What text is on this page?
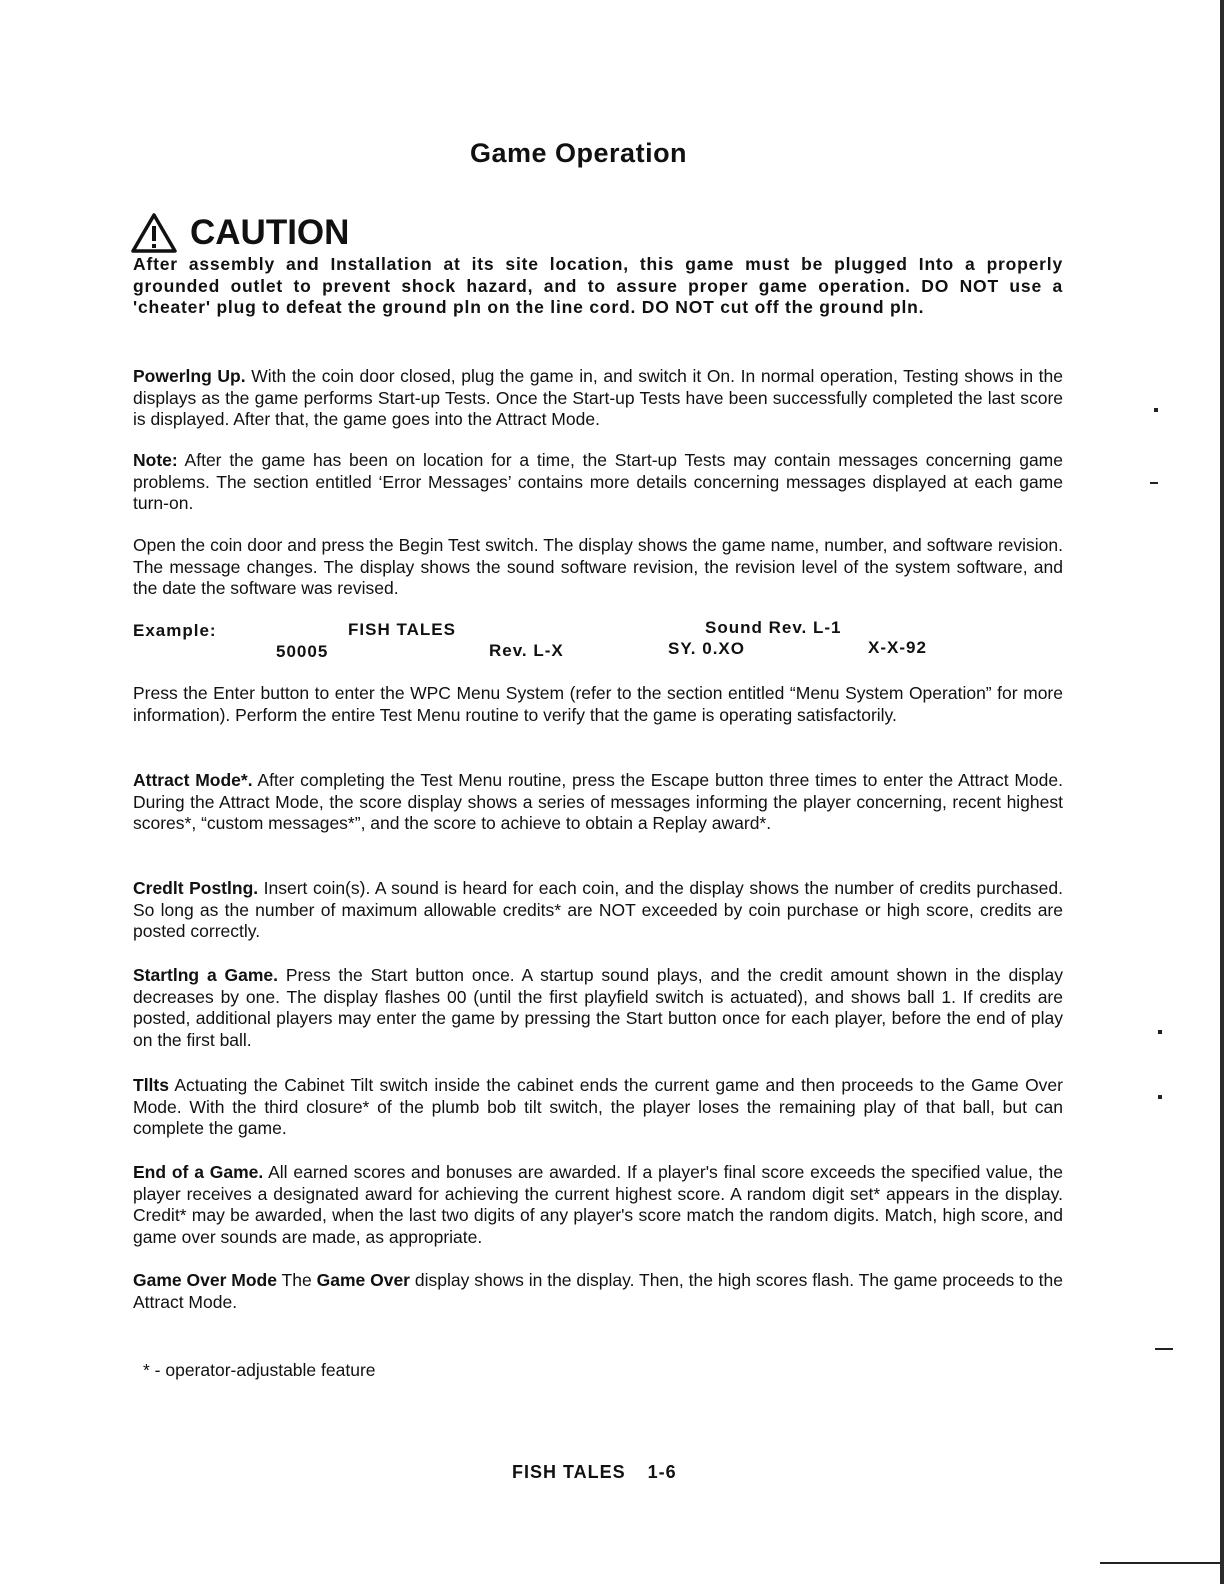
Game Operation
CAUTION
After assembly and Installation at its site location, this game must be plugged Into a properly grounded outlet to prevent shock hazard, and to assure proper game operation. DO NOT use a 'cheater' plug to defeat the ground pln on the line cord. DO NOT cut off the ground pln.
Powerlng Up. With the coin door closed, plug the game in, and switch it On. In normal operation, Testing shows in the displays as the game performs Start-up Tests. Once the Start-up Tests have been successfully completed the last score is displayed. After that, the game goes into the Attract Mode.
Note: After the game has been on location for a time, the Start-up Tests may contain messages concerning game problems. The section entitled ‘Error Messages’ contains more details concerning messages displayed at each game turn-on.
Open the coin door and press the Begin Test switch. The display shows the game name, number, and software revision. The message changes. The display shows the sound software revision, the revision level of the system software, and the date the software was revised.
Example:	FISH TALES	Sound Rev. L-1
50005	Rev. L-X	SY. 0.XO	X-X-92
Press the Enter button to enter the WPC Menu System (refer to the section entitled “Menu System Operation” for more information). Perform the entire Test Menu routine to verify that the game is operating satisfactorily.
Attract Mode*. After completing the Test Menu routine, press the Escape button three times to enter the Attract Mode. During the Attract Mode, the score display shows a series of messages informing the player concerning, recent highest scores*, “custom messages*”, and the score to achieve to obtain a Replay award*.
Credlt Postlng. Insert coin(s). A sound is heard for each coin, and the display shows the number of credits purchased. So long as the number of maximum allowable credits* are NOT exceeded by coin purchase or high score, credits are posted correctly.
Startlng a Game. Press the Start button once. A startup sound plays, and the credit amount shown in the display decreases by one. The display flashes 00 (until the first playfield switch is actuated), and shows ball 1. If credits are posted, additional players may enter the game by pressing the Start button once for each player, before the end of play on the first ball.
Tllts Actuating the Cabinet Tilt switch inside the cabinet ends the current game and then proceeds to the Game Over Mode. With the third closure* of the plumb bob tilt switch, the player loses the remaining play of that ball, but can complete the game.
End of a Game. All earned scores and bonuses are awarded. If a player's final score exceeds the specified value, the player receives a designated award for achieving the current highest score. A random digit set* appears in the display. Credit* may be awarded, when the last two digits of any player's score match the random digits. Match, high score, and game over sounds are made, as appropriate.
Game Over Mode The Game Over display shows in the display. Then, the high scores flash. The game proceeds to the Attract Mode.
* - operator-adjustable feature
FISH TALES 1-6
